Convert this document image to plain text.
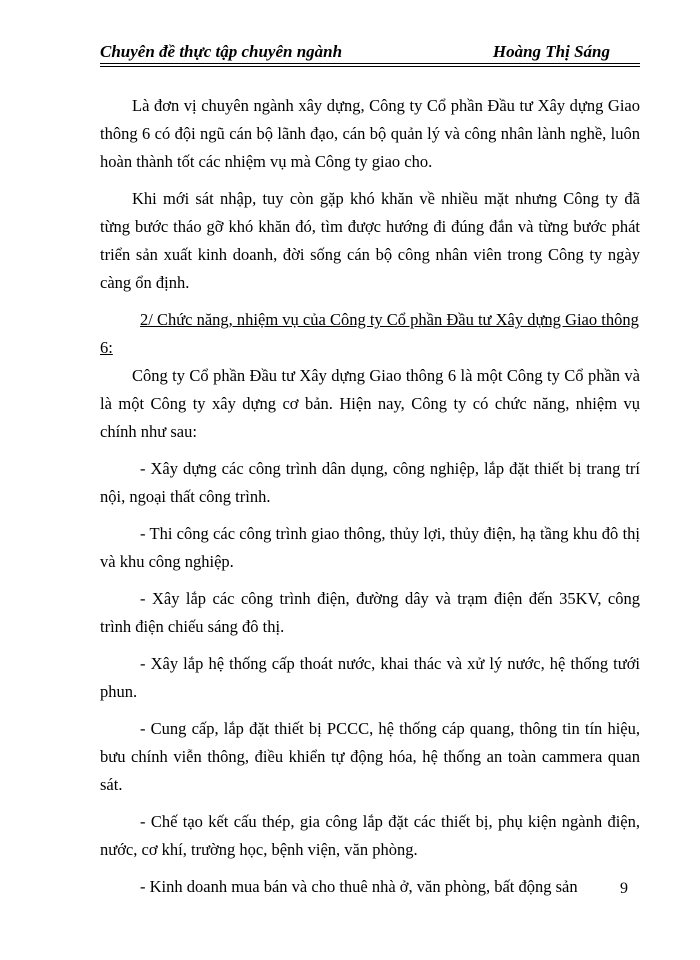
Chuyên đề thực tập chuyên ngành	Hoàng Thị Sáng

Là đơn vị chuyên ngành xây dựng, Công ty Cổ phần Đầu tư Xây dựng Giao thông 6 có đội ngũ cán bộ lãnh đạo, cán bộ quản lý và công nhân lành nghề, luôn hoàn thành tốt các nhiệm vụ mà Công ty giao cho.

Khi mới sát nhập, tuy còn gặp khó khăn về nhiều mặt nhưng Công ty đã từng bước tháo gỡ khó khăn đó, tìm được hướng đi đúng đắn và từng bước phát triển sản xuất kinh doanh, đời sống cán bộ công nhân viên trong Công ty ngày càng ổn định.

2/ Chức năng, nhiệm vụ của Công ty Cổ phần Đầu tư Xây dựng Giao thông 6:

Công ty Cổ phần Đầu tư Xây dựng Giao thông 6 là một Công ty Cổ phần và là một Công ty xây dựng cơ bản. Hiện nay, Công ty có chức năng, nhiệm vụ chính như sau:

- Xây dựng các công trình dân dụng, công nghiệp, lắp đặt thiết bị trang trí nội, ngoại thất công trình.

- Thi công các công trình giao thông, thủy lợi, thủy điện, hạ tầng khu đô thị và khu công nghiệp.

- Xây lắp các công trình điện, đường dây và trạm điện đến 35KV, công trình điện chiếu sáng đô thị.

- Xây lắp hệ thống cấp thoát nước, khai thác và xử lý nước, hệ thống tưới phun.

- Cung cấp, lắp đặt thiết bị PCCC, hệ thống cáp quang, thông tin tín hiệu, bưu chính viễn thông, điều khiển tự động hóa, hệ thống an toàn cammera quan sát.

- Chế tạo kết cấu thép, gia công lắp đặt các thiết bị, phụ kiện ngành điện, nước, cơ khí, trường học, bệnh viện, văn phòng.

- Kinh doanh mua bán và cho thuê nhà ở, văn phòng, bất động sản	9
